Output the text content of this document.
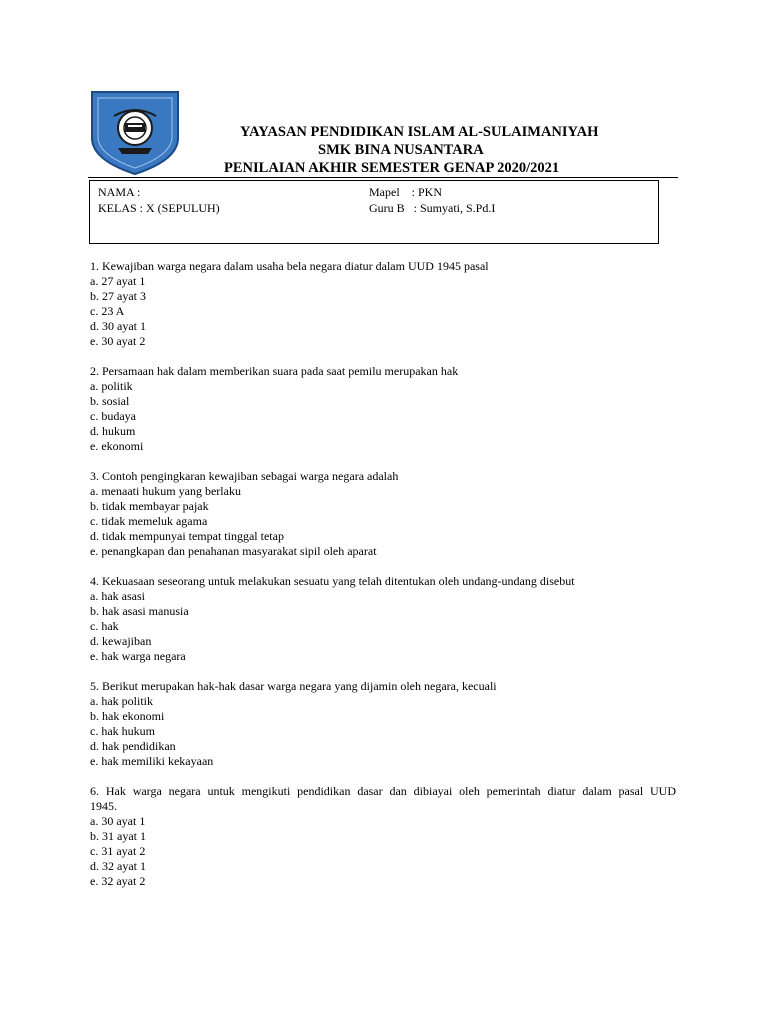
YAYASAN PENDIDIKAN ISLAM AL-SULAIMANIYAH
SMK BINA NUSANTARA
PENILAIAN AKHIR SEMESTER GENAP 2020/2021
NAMA :
KELAS : X (SEPULUH)
Mapel    : PKN
Guru B   : Sumyati, S.Pd.I
1. Kewajiban warga negara dalam usaha bela negara diatur dalam UUD 1945 pasal
a. 27 ayat 1
b. 27 ayat 3
c. 23 A
d. 30 ayat 1
e. 30 ayat 2
2. Persamaan hak dalam memberikan suara pada saat pemilu merupakan hak
a. politik
b. sosial
c. budaya
d. hukum
e. ekonomi
3. Contoh pengingkaran kewajiban sebagai warga negara adalah
a. menaati hukum yang berlaku
b. tidak membayar pajak
c. tidak memeluk agama
d. tidak mempunyai tempat tinggal tetap
e. penangkapan dan penahanan masyarakat sipil oleh aparat
4. Kekuasaan seseorang untuk melakukan sesuatu yang telah ditentukan oleh undang-undang disebut
a. hak asasi
b. hak asasi manusia
c. hak
d. kewajiban
e. hak warga negara
5. Berikut merupakan hak-hak dasar warga negara yang dijamin oleh negara, kecuali
a. hak politik
b. hak ekonomi
c. hak hukum
d. hak pendidikan
e. hak memiliki kekayaan
6. Hak warga negara untuk mengikuti pendidikan dasar dan dibiayai oleh pemerintah diatur dalam pasal UUD
1945.
a. 30 ayat 1
b. 31 ayat 1
c. 31 ayat 2
d. 32 ayat 1
e. 32 ayat 2
